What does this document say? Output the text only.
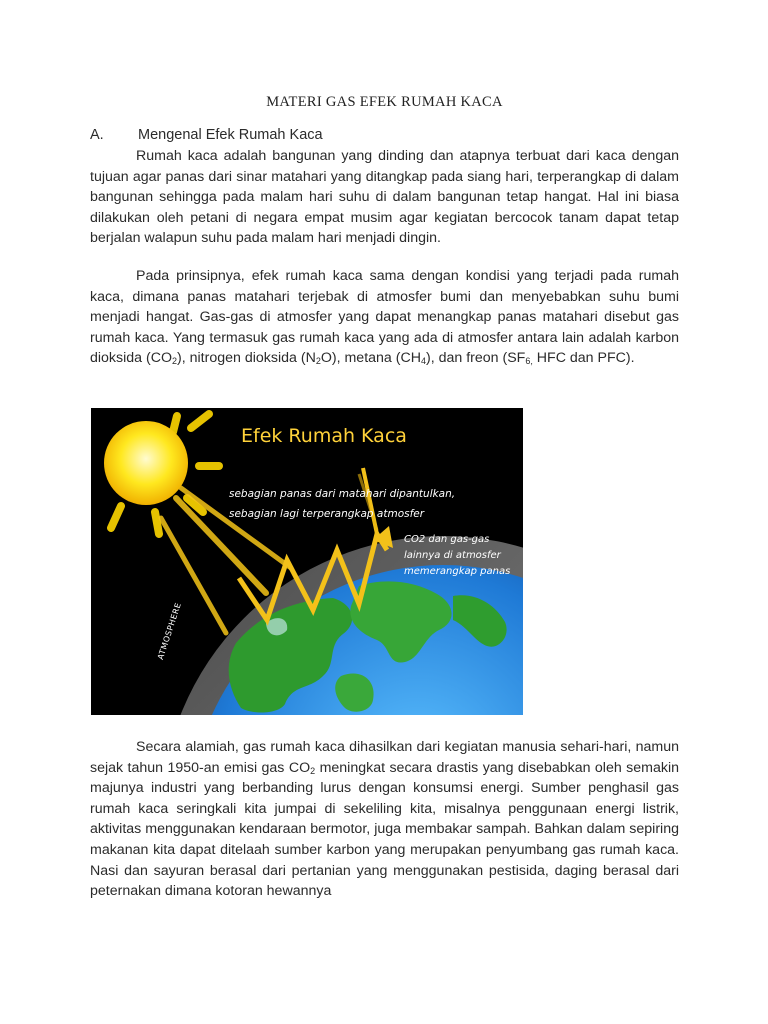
MATERI GAS EFEK RUMAH KACA
A. Mengenal Efek Rumah Kaca

Rumah kaca adalah bangunan yang dinding dan atapnya terbuat dari kaca dengan tujuan agar panas dari sinar matahari yang ditangkap pada siang hari, terperangkap di dalam bangunan sehingga pada malam hari suhu di dalam bangunan tetap hangat. Hal ini biasa dilakukan oleh petani di negara empat musim agar kegiatan bercocok tanam dapat tetap berjalan walapun suhu pada malam hari menjadi dingin.

Pada prinsipnya, efek rumah kaca sama dengan kondisi yang terjadi pada rumah kaca, dimana panas matahari terjebak di atmosfer bumi dan menyebabkan suhu bumi menjadi hangat. Gas-gas di atmosfer yang dapat menangkap panas matahari disebut gas rumah kaca. Yang termasuk gas rumah kaca yang ada di atmosfer antara lain adalah karbon dioksida $(CO_2)$, nitrogen dioksida $(N_2O)$, metana $(CH_4)$, dan freon ($SF_{6,}$ HFC dan PFC).

Efek Rumah Kaca
sebagian panas dari matahari dipantulkan,
sebagian lagi terperangkap atmosfer
CO2 dan gas-gas
lainnya di atmosfer
memerangkap panas
ATMOSPHERE

Secara alamiah, gas rumah kaca dihasilkan dari kegiatan manusia sehari-hari, namun sejak tahun 1950-an emisi gas $CO_2$ meningkat secara drastis yang disebabkan oleh semakin majunya industri yang berbanding lurus dengan konsumsi energi. Sumber penghasil gas rumah kaca seringkali kita jumpai di sekeliling kita, misalnya penggunaan energi listrik, aktivitas menggunakan kendaraan bermotor, juga membakar sampah. Bahkan dalam sepiring makanan kita dapat ditelaah sumber karbon yang merupakan penyumbang gas rumah kaca. Nasi dan sayuran berasal dari pertanian yang menggunakan pestisida, daging berasal dari peternakan dimana kotoran hewannya
